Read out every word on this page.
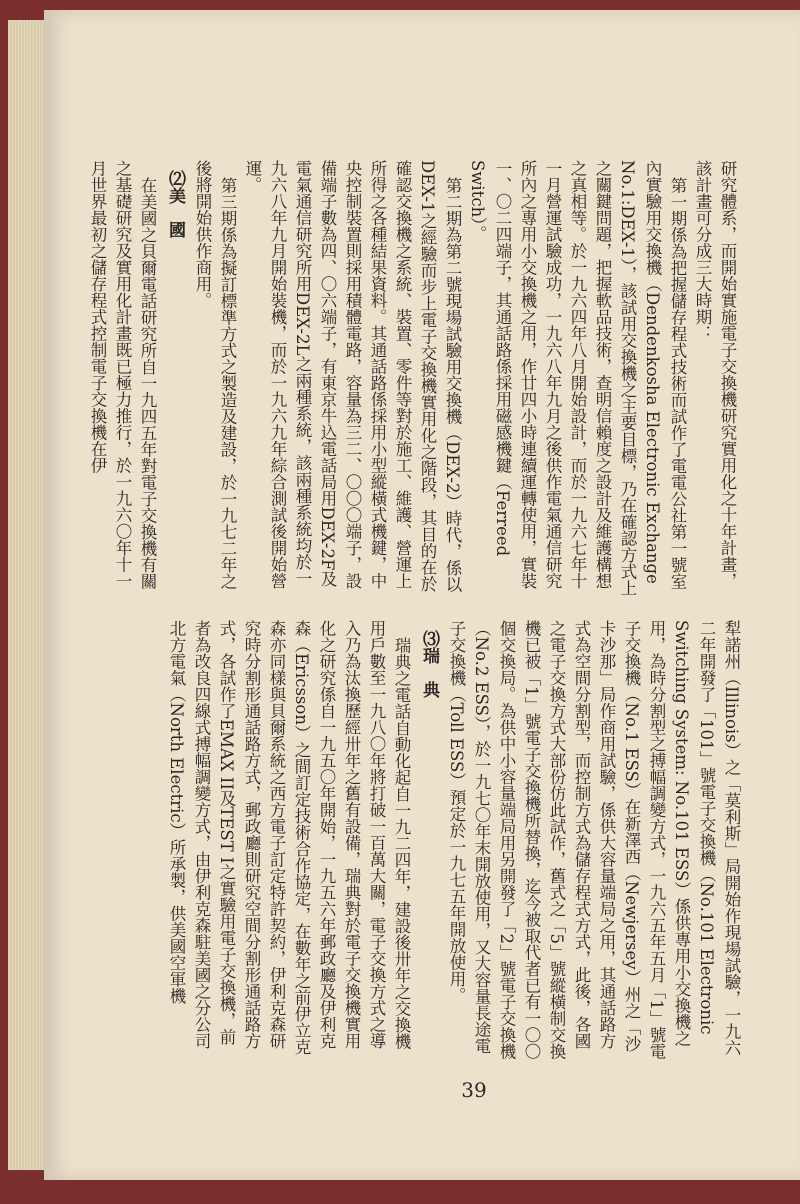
研究體系，而開始實施電子交換機研究實用化之十年計畫，該計畫可分成三大時期：

第一期係為把握儲存程式技術而試作了電電公社第一號室內實驗用交換機（Dendenkosha Electronic Exchange No.1:DEX-1），該試用交換機之主要目標，乃在確認方式上之關鍵問題，把握軟品技術，查明信賴度之設計及維護構想之真相等。於一九六四年八月開始設計，而於一九六七年十一月營運試驗成功，一九六八年九月之後供作電氣通信研究所內之專用小交換機之用，作廿四小時連續運轉使用，實裝一、〇二四端子，其通話路係採用磁感機鍵（Ferreed Switch）。

第二期為第二號現場試驗用交換機（DEX-2）時代，係以DEX-1之經驗而步上電子交換機實用化之階段，其目的在於確認交換機之系統、裝置、零件等對於施工、維護、營運上所得之各種結果資料。其通話路係採用小型縱橫式機鍵，中央控制裝置則採用積體電路，容量為三二、〇〇〇端子，設備端子數為四、〇六端子，有東京牛込電話局用DEX-2F及電氣通信研究所用DEX-2L之兩種系統，該兩種系統均於一九六八年九月開始裝機，而於一九六九年綜合測試後開始營運。

第三期係為擬訂標準方式之製造及建設，於一九七二年之後將開始供作商用。

⑵美　國

在美國之貝爾電話研究所自一九四五年對電子交換機有關之基礎研究及實用化計畫既已極力推行，於一九六〇年十一月世界最初之儲存程式控制電子交換機在伊

犁諾州（Illinois）之「莫利斯」局開始作現場試驗，一九六二年開發了「101」號電子交換機（No.101 Electronic Switching System: No.101 ESS）係供專用小交換機之用，為時分割型之搏幅調變方式，一九六五年五月「1」號電子交換機（No.1 ESS）在新澤西（Newjersey）州之「沙卡沙那」局作商用試驗，係供大容量端局之用，其通話路方式為空間分割型，而控制方式為儲存程式方式，此後，各國之電子交換方式大部份仿此試作，舊式之「5」號縱橫制交換機已被「1」號電子交換機所替換，迄今被取代者已有一〇〇個交換局。為供中小容量端局用另開發了「2」號電子交換機（No.2 ESS），於一九七〇年末開放使用，又大容量長途電子交換機（Toll ESS）預定於一九七五年開放使用。

⑶瑞　典

瑞典之電話自動化起自一九二四年，建設後卅年之交換機用戶數至一九八〇年將打破一百萬大關，電子交換方式之導入乃為汰換歷經卅年之舊有設備，瑞典對於電子交換機實用化之研究係自一九五〇年開始，一九五六年郵政廳及伊利克森（Ericsson）之間訂定技術合作協定，在數年之前伊立克森亦同樣與貝爾系統之西方電子訂定特許契約，伊利克森研究時分割形通話路方式，郵政廳則研究空間分割形通話路方式，各試作了EMAX II及TEST I之實驗用電子交換機，前者為改良四線式搏幅調變方式，由伊利克森駐美國之分公司北方電氣（North Electric）所承製，供美國空軍機

39
